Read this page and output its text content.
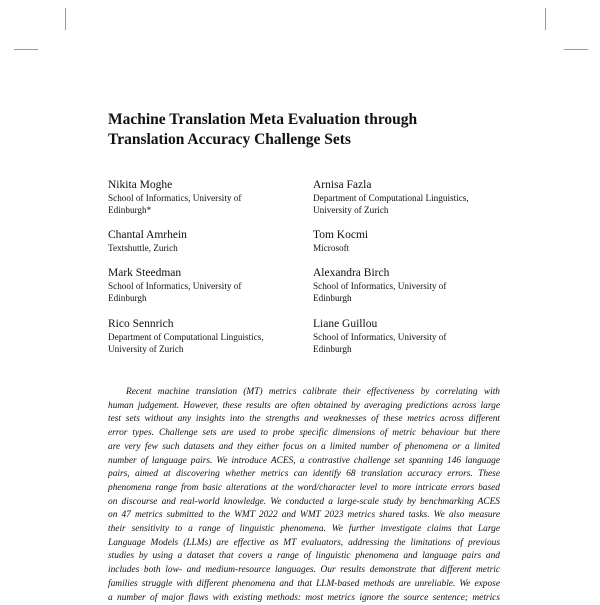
Machine Translation Meta Evaluation through
Translation Accuracy Challenge Sets
Nikita Moghe
School of Informatics, University of
Edinburgh*
Chantal Amrhein
Textshuttle, Zurich
Mark Steedman
School of Informatics, University of
Edinburgh
Rico Sennrich
Department of Computational Linguistics,
University of Zurich
Arnisa Fazla
Department of Computational Linguistics,
University of Zurich
Tom Kocmi
Microsoft
Alexandra Birch
School of Informatics, University of
Edinburgh
Liane Guillou
School of Informatics, University of
Edinburgh

Recent machine translation (MT) metrics calibrate their effectiveness by correlating with
human judgement. However, these results are often obtained by averaging predictions across large
test sets without any insights into the strengths and weaknesses of these metrics across different
error types. Challenge sets are used to probe specific dimensions of metric behaviour but there
are very few such datasets and they either focus on a limited number of phenomena or a limited
number of language pairs. We introduce ACES, a contrastive challenge set spanning 146 language
pairs, aimed at discovering whether metrics can identify 68 translation accuracy errors. These
phenomena range from basic alterations at the word/character level to more intricate errors based
on discourse and real-world knowledge. We conducted a large-scale study by benchmarking ACES
on 47 metrics submitted to the WMT 2022 and WMT 2023 metrics shared tasks. We also measure
their sensitivity to a range of linguistic phenomena. We further investigate claims that Large
Language Models (LLMs) are effective as MT evaluators, addressing the limitations of previous
studies by using a dataset that covers a range of linguistic phenomena and language pairs and
includes both low- and medium-resource languages. Our results demonstrate that different metric
families struggle with different phenomena and that LLM-based methods are unreliable. We expose
a number of major flaws with existing methods: most metrics ignore the source sentence; metrics
